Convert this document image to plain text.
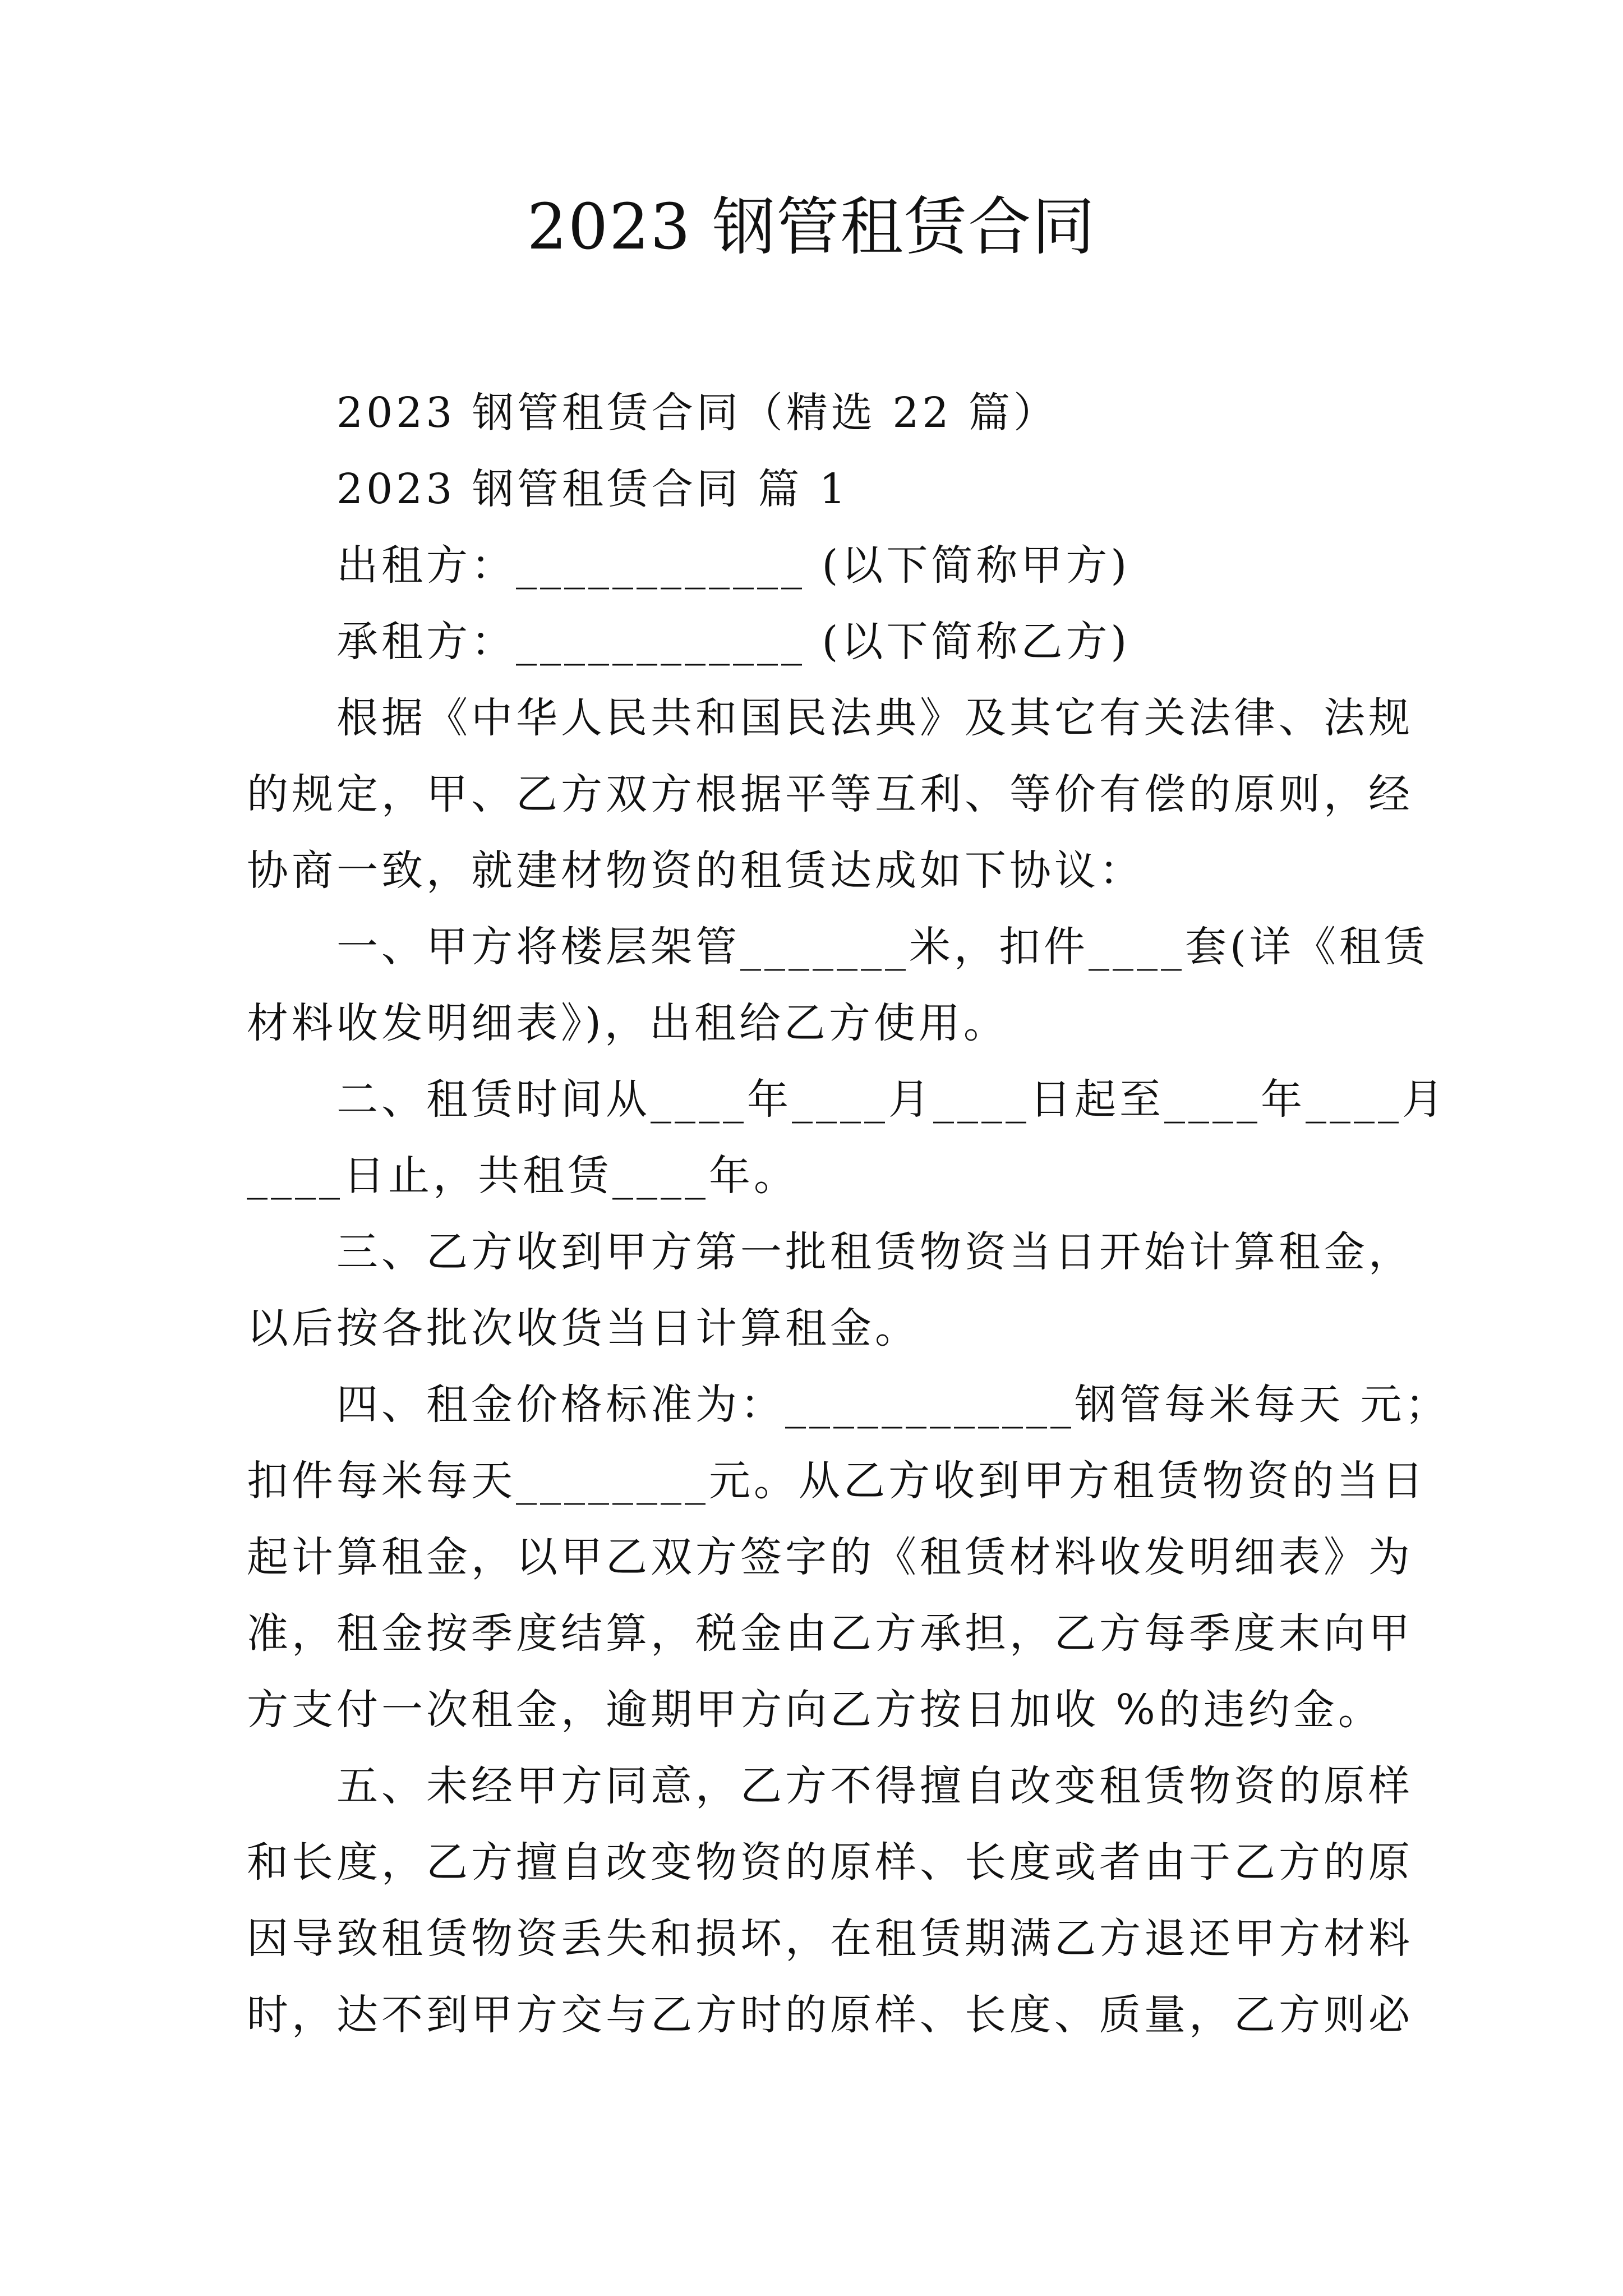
2023 钢管租赁合同
2023 钢管租赁合同（精选 22 篇）
2023 钢管租赁合同 篇 1
出租方：____________ (以下简称甲方)
承租方：____________ (以下简称乙方)
根据《中华人民共和国民法典》及其它有关法律、法规
的规定，甲、乙方双方根据平等互利、等价有偿的原则，经
协商一致，就建材物资的租赁达成如下协议：
一、甲方将楼层架管_______米，扣件____套(详《租赁
材料收发明细表》)，出租给乙方使用。
二、租赁时间从____年____月____日起至____年____月
____日止，共租赁____年。
三、乙方收到甲方第一批租赁物资当日开始计算租金，
以后按各批次收货当日计算租金。
四、租金价格标准为：____________钢管每米每天 元；
扣件每米每天________元。从乙方收到甲方租赁物资的当日
起计算租金，以甲乙双方签字的《租赁材料收发明细表》为
准，租金按季度结算，税金由乙方承担，乙方每季度末向甲
方支付一次租金，逾期甲方向乙方按日加收 %的违约金。
五、未经甲方同意，乙方不得擅自改变租赁物资的原样
和长度，乙方擅自改变物资的原样、长度或者由于乙方的原
因导致租赁物资丢失和损坏，在租赁期满乙方退还甲方材料
时，达不到甲方交与乙方时的原样、长度、质量，乙方则必
